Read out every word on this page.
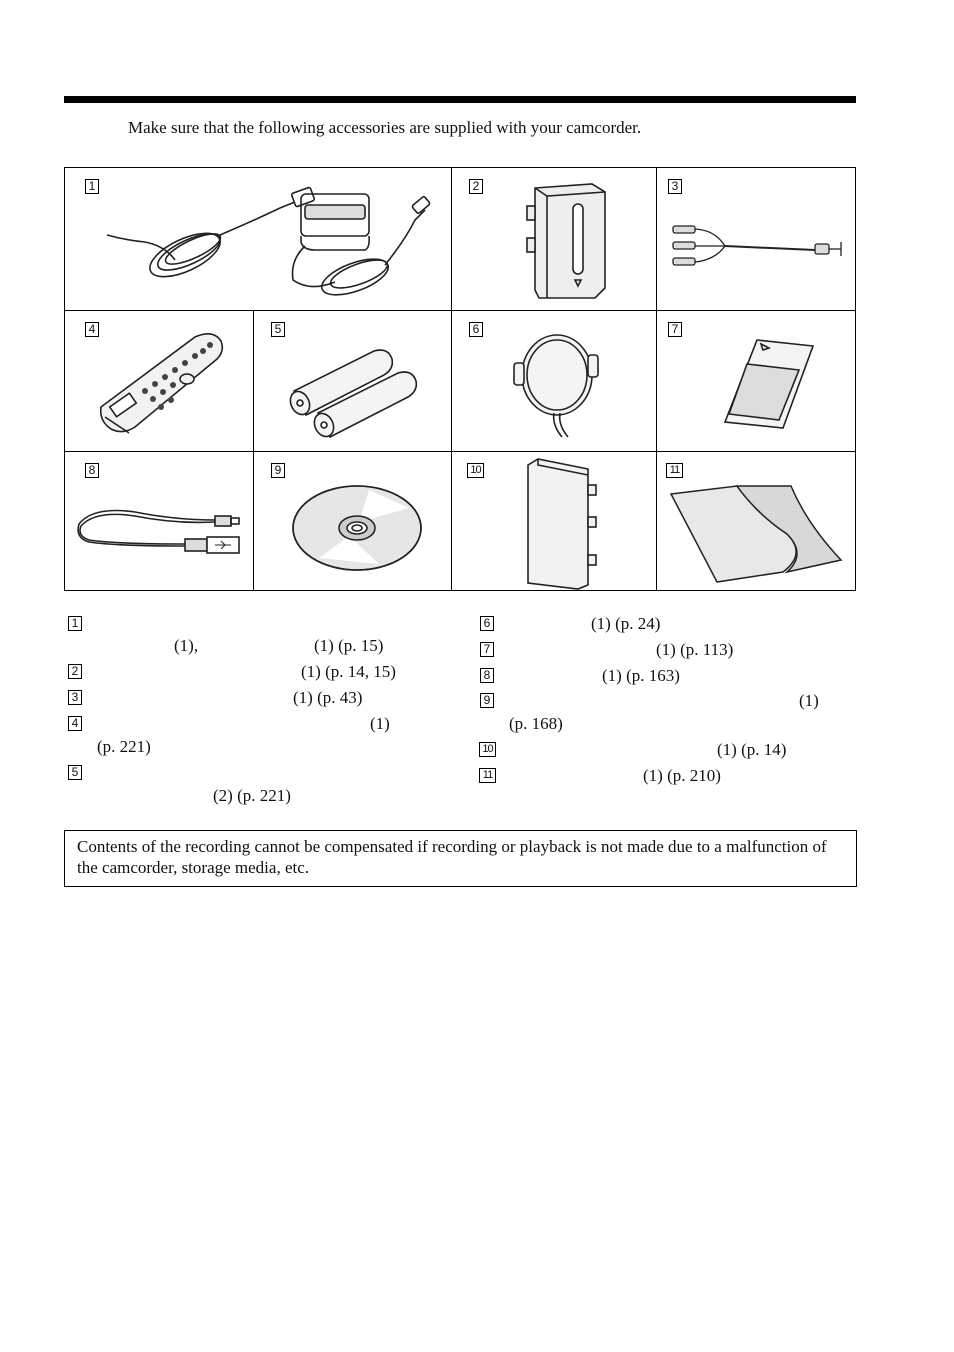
Make sure that the following accessories are supplied with your camcorder.
1	2	3
4	5	6	7
8	9	10	11
1
(1),	(1) (p. 15)
2	(1) (p. 14, 15)
3	(1) (p. 43)
4	(1)
(p. 221)
5
(2) (p. 221)
6	(1) (p. 24)
7	(1) (p. 113)
8	(1) (p. 163)
9	(1)
(p. 168)
10	(1) (p. 14)
11	(1) (p. 210)
Contents of the recording cannot be compensated if recording or playback is not made due to a malfunction of the camcorder, storage media, etc.
